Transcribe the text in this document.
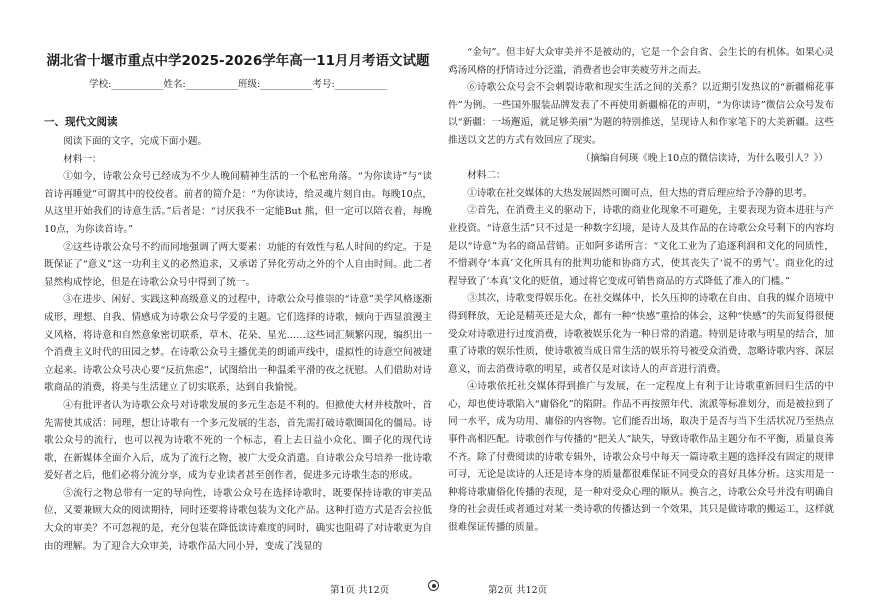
湖北省十堰市重点中学2025-2026学年高一11月月考语文试题
学校:___________姓名:___________班级:___________考号:___________
一、现代文阅读

阅读下面的文字，完成下面小题。

材料一：

①如今，诗歌公众号已经成为不少人晚间精神生活的一个私密角落。“为你读诗”与“读首诗再睡觉”可谓其中的佼佼者。前者的简介是：“为你读诗，给灵魂片刻自由。每晚10点，从这里开始我们的诗意生活。”后者是：“讨厌我不一定能But 熊，但一定可以陪衣着，每晚10点，为你读首诗。”

②这些诗歌公众号不约而同地强调了两大要素：功能的有效性与私人时间的约定。于是既保证了“意义”这一功利主义的必然追求，又承诺了异化劳动之外的个人自由时间。此二者显然构成悖论，但是在诗歌公众号中得到了统一。

③在进步、闲好、实践这种高级意义的过程中，诗歌公众号推崇的“诗意”美学风格逐渐成形，理想、自我、情感成为诗歌公众号学爱的主题。它们选择的诗歌，倾向于西显浪漫主义风格，将诗意和自然意象密切联系，草木、花朵、星光……这些词汇频繁闪现，编织出一个消费主义时代的田园之梦。在诗歌公众号主播优美的朗诵声线中，虚拟性的诗意空间被建立起来。诗歌公众号决心要“反抗焦虑”，试图给出一种温柔平滑的夜之抚慰。人们借助对诗歌商品的消费，将美与生活建立了切实联系，达到自我愉悦。

④有批评者认为诗歌公众号对诗歌发展的多元生态是不利的。但掀使大材并枝散叶，首先需使其成活：同理，想让诗歌有一个多元发展的生态，首先需打破诗歌圈国化的僵局。诗歌公众号的流行，也可以视为诗歌不死的一个标志，看上去日益小众化、圈子化的现代诗歌，在新媒体全面介入后，成为了流行之物，被广大受众消遣。自诗歌公众号培养一批诗歌爱好者之后，他们必将分流分享，成为专业读者甚至创作者，促进多元诗歌生态的形成。

⑤流行之物总带有一定的导向性，诗歌公众号在选择诗歌时，既要保持诗歌的审美品位，又要兼顾大众的阅读期待，同时还要将诗歌包装为文化产品。这种打造方式是否会拉低大众的审美？不可忽视的是，充分包装在降低读诗难度的同时，确实也阻碍了对诗歌更为自由的理解。为了迎合大众审美，诗歌作品大同小异，变成了浅显的

“金句”。但丰好大众审美并不是被动的，它是一个会自省、会生长的有机体。如果心灵鸡汤风格的抒情诗过分泛滥，消费者也会审美疲劳并之而去。

⑥诗歌公众号会不会刺裂诗歌和现实生活之间的关系？以近期引发热议的“新疆棉花事件”为例。一些国外服装品牌发表了不再使用新疆棉花的声明，“为你读诗”微信公众号发布以“新疆：一场邂逅，就足够美丽”为题的特别推送，呈现诗人和作家笔下的大美新疆。这些推送以文艺的方式有效回应了现实。

（摘编自何瑛《晚上10点的微信读诗，为什么吸引人？》）

材料二：

①诗歌在社交媒体的大热发展固然可圈可点，但大热的背后理应给予冷静的思考。

②首先，在消费主义的驱动下，诗歌的商业化现象不可避免，主要表现为资本进驻与产业投资。“诗意生活”只不过是一种数字幻境，是诗人及其作品的在诗歌公众号剩下的内容均是以“诗意”为名的商品营销。正如阿多诺所言：“文化工业为了追逐利润和文化的同质性，不惜剥夺‘本真’文化所具有的批判功能和协商方式，使其丧失了‘说不的勇气’。商业化的过程导致了‘本真’文化的贬值，通过将它变成可销售商品的方式降低了准入的门槛。”

③其次，诗歌变得娱乐化。在社交媒体中，长久压抑的诗歌在自由、自我的媒介语境中得到释放，无论是精英还是大众，都有一种“快感”重拾的体会，这种“快感”的失而复得很便受众对诗歌进行过度消费，诗歌被娱乐化为一种日常的消遣。特别是诗歌与明星的结合，加重了诗歌的娱乐性质，使诗歌被当成日常生活的娱乐符号被受众消费，忽略诗歌内容、深层意义，而去消费诗歌的明星，或者仅是对读诗人的声音进行消费。

④诗歌依托社交媒体得到推广与发展，在一定程度上有利于让诗歌重新回归生活的中心，却也使诗歌陷入“庸俗化”的陷阱。作品不再按照年代、流派等标准划分，而是被拉到了同一水平，成为功用、庸俗的内容物。它们能否出场，取决于是否与当下生活状况乃至热点事件高相匹配。诗歌创作与传播的“把关人”缺失，导致诗歌作品主题分布不平衡，质量良莠不齐。除了付费阅读的诗歌专辑外，诗歌公众号中每天一篇诗歌主题的选择没有固定的规律可寻，无论是读诗的人还是诗本身的质量都很难保证不同受众的喜好具体分析。这实用是一种将诗歌庸俗化传播的表现，是一种对受众心理的顺从。换言之，诗歌公众号并没有明确自身的社会责任或者通过对某一类诗歌的传播达到一个效果，其只是做诗歌的搬运工，这样就很难保证传播的质量。

第1页 共12页	第2页 共12页
